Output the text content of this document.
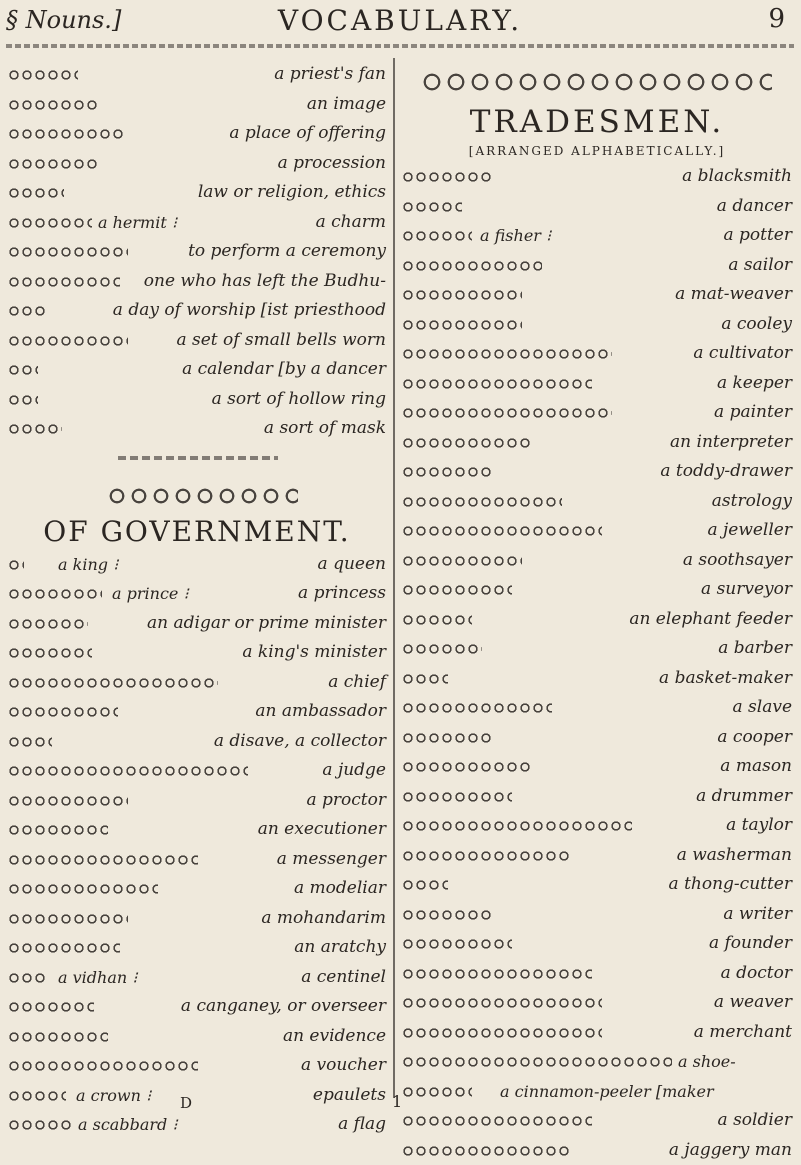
§ Nouns.]	VOCABULARY.	9
a priest's fan
an image
a place of offering
a procession
law or religion, ethics
a hermit ⁝	a charm
to perform a ceremony
one who has left the Budhu-
a day of worship [ist priesthood
a set of small bells worn
a calendar [by a dancer
a sort of hollow ring
a sort of mask
OF GOVERNMENT.
a king ⁝	a queen
a prince ⁝	a princess
an adigar or prime minister
a king's minister
a chief
an ambassador
a disave, a collector
a judge
a proctor
an executioner
a messenger
a modeliar
a mohandarim
an aratchy
a vidhan ⁝	a centinel
a canganey, or overseer
an evidence
a voucher
a crown ⁝	epaulets
a scabbard ⁝	a flag
TRADESMEN.
[ARRANGED ALPHABETICALLY.]
a blacksmith
a dancer
a fisher ⁝	a potter
a sailor
a mat-weaver
a cooley
a cultivator
a keeper
a painter
an interpreter
a toddy-drawer
astrology
a jeweller
a soothsayer
a surveyor
an elephant feeder
a barber
a basket-maker
a slave
a cooper
a mason
a drummer
a taylor
a washerman
a thong-cutter
a writer
a founder
a doctor
a weaver
a merchant
a shoe-
a cinnamon-peeler [maker
a soldier
a jaggery man
D	1
